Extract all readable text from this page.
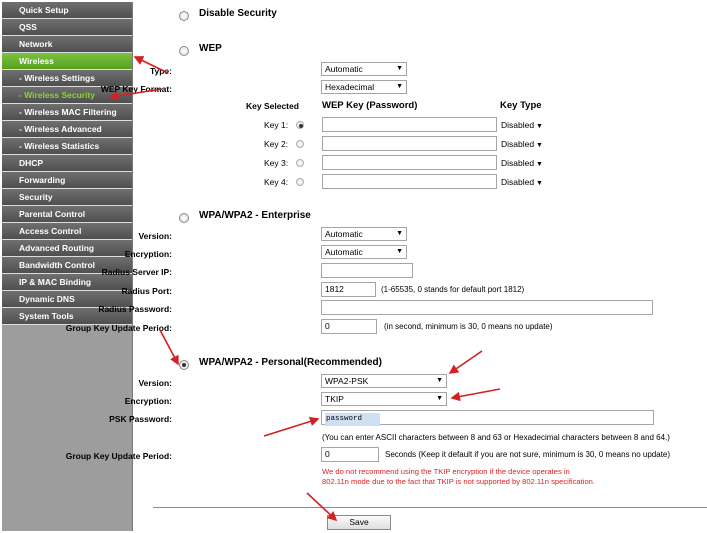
Quick Setup
QSS
Network
Wireless
- Wireless Settings
- Wireless Security
- Wireless MAC Filtering
- Wireless Advanced
- Wireless Statistics
DHCP
Forwarding
Security
Parental Control
Access Control
Advanced Routing
Bandwidth Control
IP & MAC Binding
Dynamic DNS
System Tools
Disable Security
WEP
Type:	Automatic	▼
WEP Key Format:	Hexadecimal	▼
Key Selected WEP Key (Password)	Key Type
Key 1:	Disabled ▼
Key 2:	Disabled ▼
Key 3:	Disabled ▼
Key 4:	Disabled ▼
WPA/WPA2 - Enterprise
Version:	Automatic	▼
Encryption:	Automatic	▼
Radius Server IP:
Radius Port:	1812	(1-65535, 0 stands for default port 1812)
Radius Password:
Group Key Update Period:	0	(in second, minimum is 30, 0 means no update)
WPA/WPA2 - Personal(Recommended)
Version:	WPA2-PSK	▼
Encryption:	TKIP	▼
PSK Password:	password
(You can enter ASCII characters between 8 and 63 or Hexadecimal characters between 8 and 64.)
Group Key Update Period:	0	Seconds (Keep it default if you are not sure, minimum is 30, 0 means no update)
We do not recommend using the TKIP encryption if the device operates in
802.11n mode due to the fact that TKIP is not supported by 802.11n specification.
Save
